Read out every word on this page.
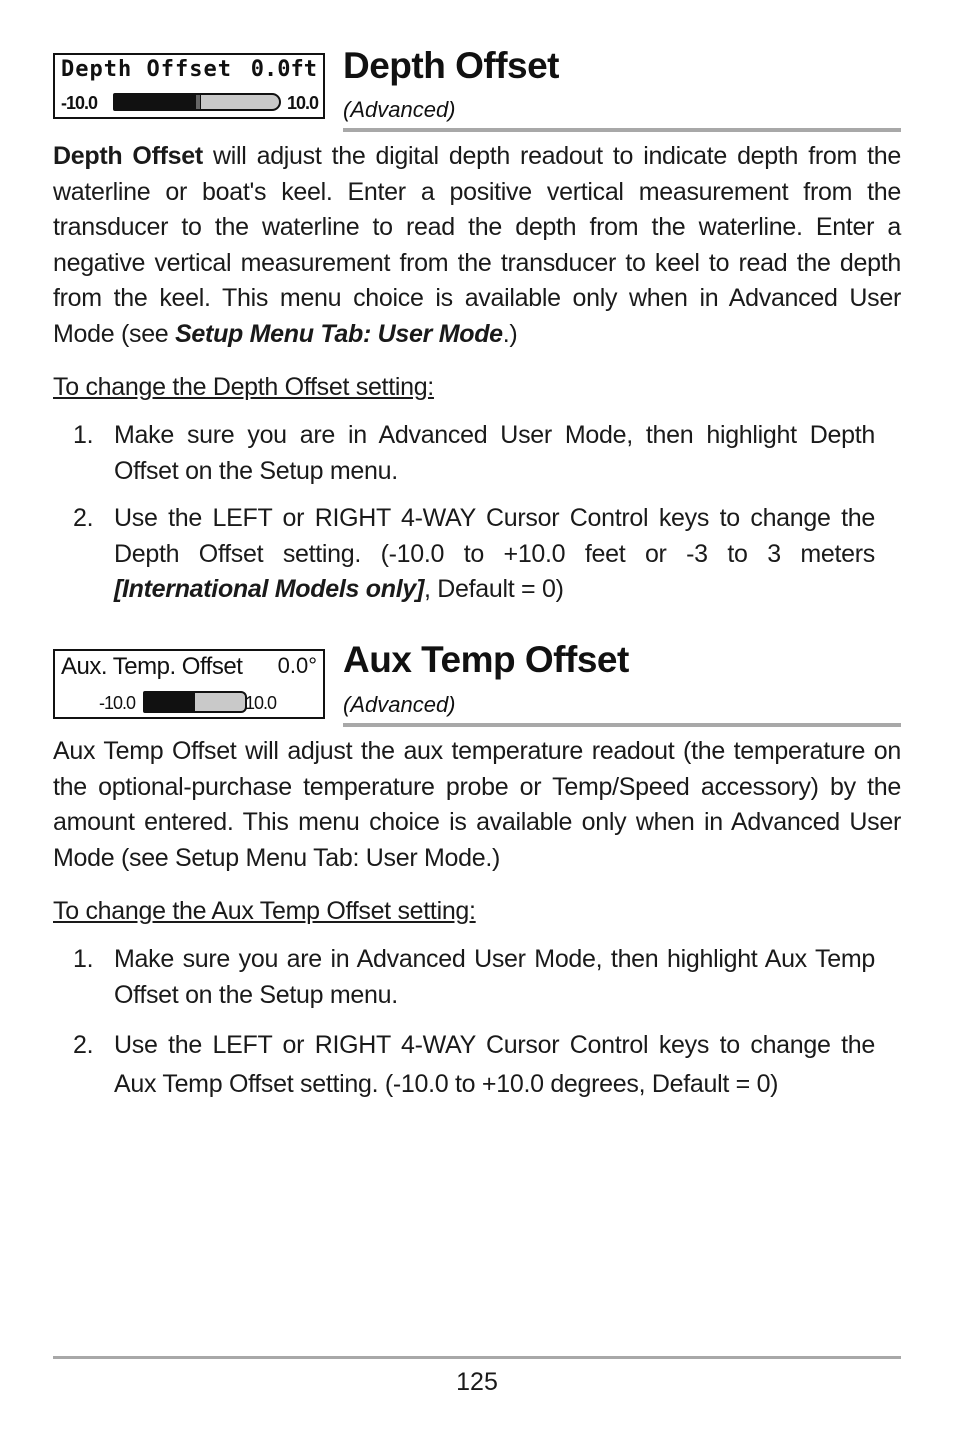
Depth Offset 0.0ft
-10.0	10.0
Depth Offset
(Advanced)

Depth Offset will adjust the digital depth readout to indicate depth from the waterline or boat's keel. Enter a positive vertical measurement from the transducer to the waterline to read the depth from the waterline. Enter a negative vertical measurement from the transducer to keel to read the depth from the keel. This menu choice is available only when in Advanced User Mode (see Setup Menu Tab: User Mode.)

To change the Depth Offset setting:
1. Make sure you are in Advanced User Mode, then highlight Depth Offset on the Setup menu.
2. Use the LEFT or RIGHT 4-WAY Cursor Control keys to change the Depth Offset setting. (-10.0 to +10.0 feet or -3 to 3 meters [International Models only], Default = 0)
Aux. Temp. Offset 0.0°
-10.0	10.0
Aux Temp Offset
(Advanced)

Aux Temp Offset will adjust the aux temperature readout (the temperature on the optional-purchase temperature probe or Temp/Speed accessory) by the amount entered. This menu choice is available only when in Advanced User Mode (see Setup Menu Tab: User Mode.)

To change the Aux Temp Offset setting:
1. Make sure you are in Advanced User Mode, then highlight Aux Temp Offset on the Setup menu.
2. Use the LEFT or RIGHT 4-WAY Cursor Control keys to change the Aux Temp Offset setting. (-10.0 to +10.0 degrees, Default = 0)
125
